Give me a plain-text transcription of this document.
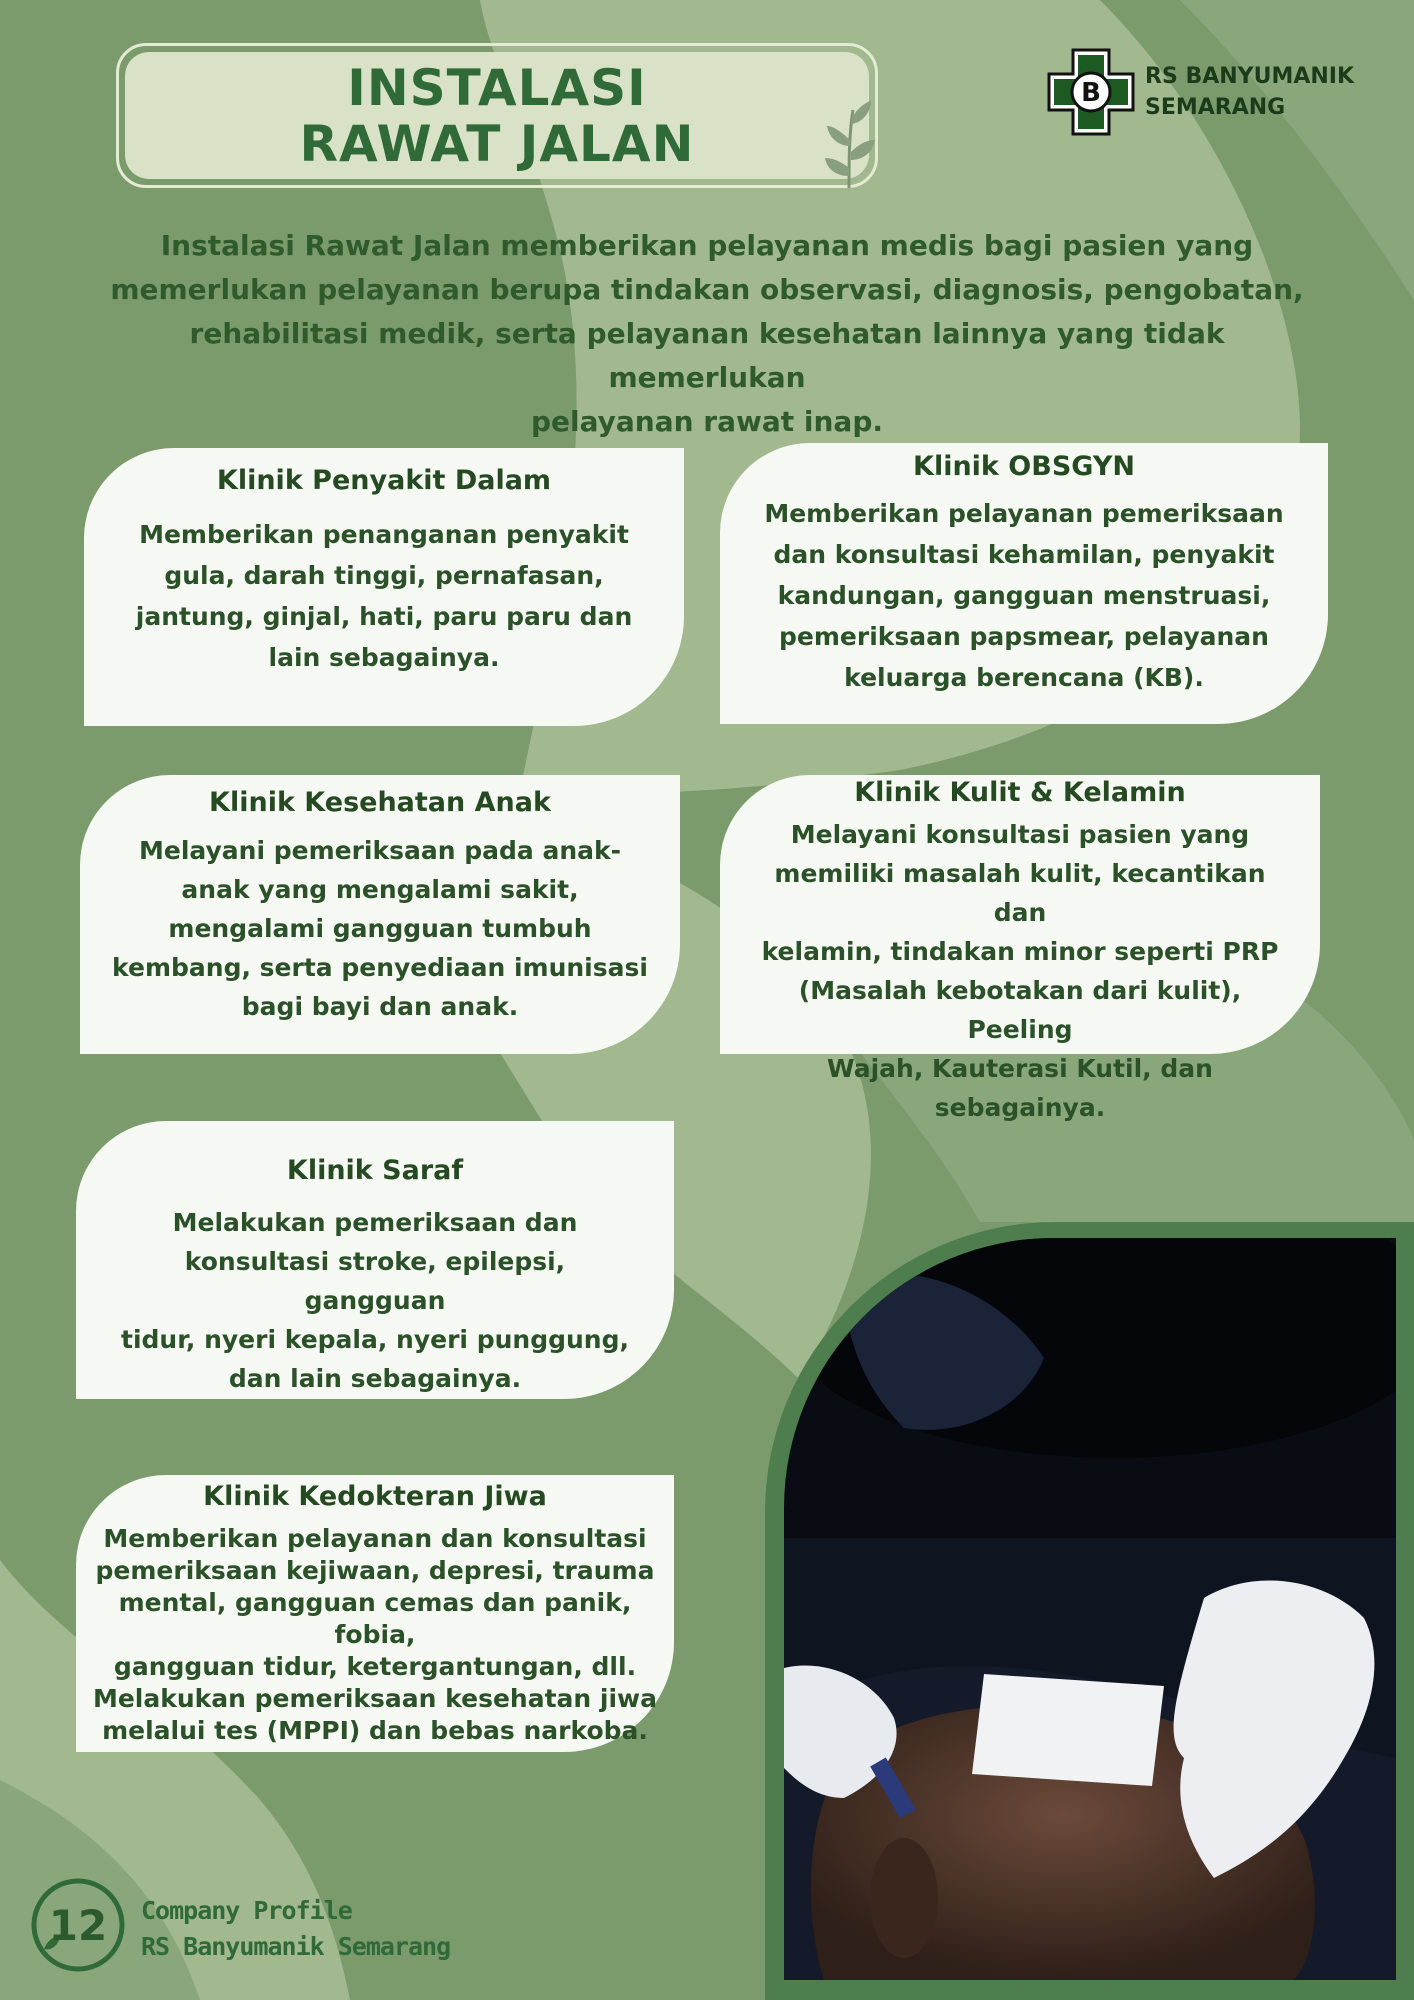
INSTALASI
RAWAT JALAN
B
RS BANYUMANIK
SEMARANG
Instalasi Rawat Jalan memberikan pelayanan medis bagi pasien yang
memerlukan pelayanan berupa tindakan observasi, diagnosis, pengobatan,
rehabilitasi medik, serta pelayanan kesehatan lainnya yang tidak memerlukan
pelayanan rawat inap.
Klinik Penyakit Dalam
Memberikan penanganan penyakit
gula, darah tinggi, pernafasan,
jantung, ginjal, hati, paru paru dan
lain sebagainya.
Klinik OBSGYN
Memberikan pelayanan pemeriksaan
dan konsultasi kehamilan, penyakit
kandungan, gangguan menstruasi,
pemeriksaan papsmear, pelayanan
keluarga berencana (KB).
Klinik Kesehatan Anak
Melayani pemeriksaan pada anak-
anak yang mengalami sakit,
mengalami gangguan tumbuh
kembang, serta penyediaan imunisasi
bagi bayi dan anak.
Klinik Kulit & Kelamin
Melayani konsultasi pasien yang
memiliki masalah kulit, kecantikan dan
kelamin, tindakan minor seperti PRP
(Masalah kebotakan dari kulit), Peeling
Wajah, Kauterasi Kutil, dan
sebagainya.
Klinik Saraf
Melakukan pemeriksaan dan
konsultasi stroke, epilepsi, gangguan
tidur, nyeri kepala, nyeri punggung,
dan lain sebagainya.
Klinik Kedokteran Jiwa
Memberikan pelayanan dan konsultasi
pemeriksaan kejiwaan, depresi, trauma
mental, gangguan cemas dan panik, fobia,
gangguan tidur, ketergantungan, dll.
Melakukan pemeriksaan kesehatan jiwa
melalui tes (MPPI) dan bebas narkoba.
12	Company Profile
RS Banyumanik Semarang
